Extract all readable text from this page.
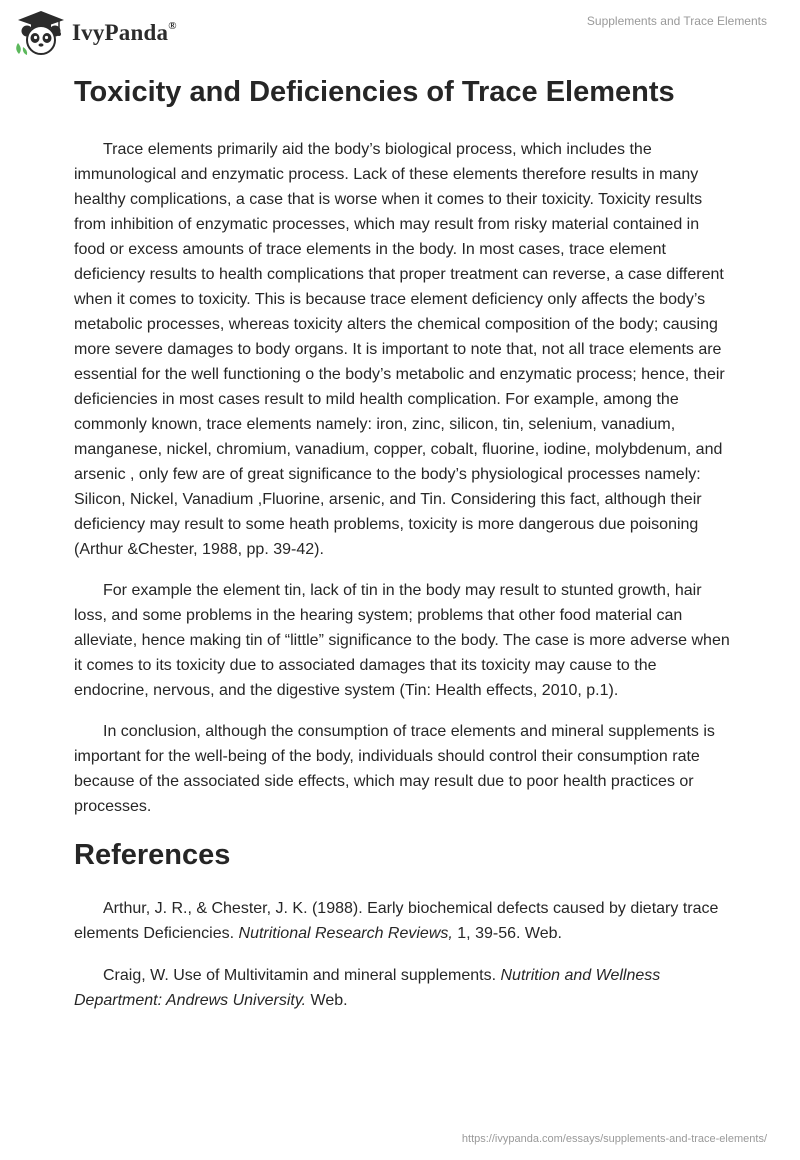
IvyPanda®	Supplements and Trace Elements
Toxicity and Deficiencies of Trace Elements

Trace elements primarily aid the body’s biological process, which includes the immunological and enzymatic process. Lack of these elements therefore results in many healthy complications, a case that is worse when it comes to their toxicity. Toxicity results from inhibition of enzymatic processes, which may result from risky material contained in food or excess amounts of trace elements in the body. In most cases, trace element deficiency results to health complications that proper treatment can reverse, a case different when it comes to toxicity. This is because trace element deficiency only affects the body’s metabolic processes, whereas toxicity alters the chemical composition of the body; causing more severe damages to body organs. It is important to note that, not all trace elements are essential for the well functioning o the body’s metabolic and enzymatic process; hence, their deficiencies in most cases result to mild health complication. For example, among the commonly known, trace elements namely: iron, zinc, silicon, tin, selenium, vanadium, manganese, nickel, chromium, vanadium, copper, cobalt, fluorine, iodine, molybdenum, and arsenic , only few are of great significance to the body’s physiological processes namely: Silicon, Nickel, Vanadium ,Fluorine, arsenic, and Tin. Considering this fact, although their deficiency may result to some heath problems, toxicity is more dangerous due poisoning (Arthur &Chester, 1988, pp. 39-42).

For example the element tin, lack of tin in the body may result to stunted growth, hair loss, and some problems in the hearing system; problems that other food material can alleviate, hence making tin of “little” significance to the body. The case is more adverse when it comes to its toxicity due to associated damages that its toxicity may cause to the endocrine, nervous, and the digestive system (Tin: Health effects, 2010, p.1).

In conclusion, although the consumption of trace elements and mineral supplements is important for the well-being of the body, individuals should control their consumption rate because of the associated side effects, which may result due to poor health practices or processes.

References

Arthur, J. R., & Chester, J. K. (1988). Early biochemical defects caused by dietary trace elements Deficiencies. Nutritional Research Reviews, 1, 39-56. Web.

Craig, W. Use of Multivitamin and mineral supplements. Nutrition and Wellness Department: Andrews University. Web.

https://ivypanda.com/essays/supplements-and-trace-elements/
